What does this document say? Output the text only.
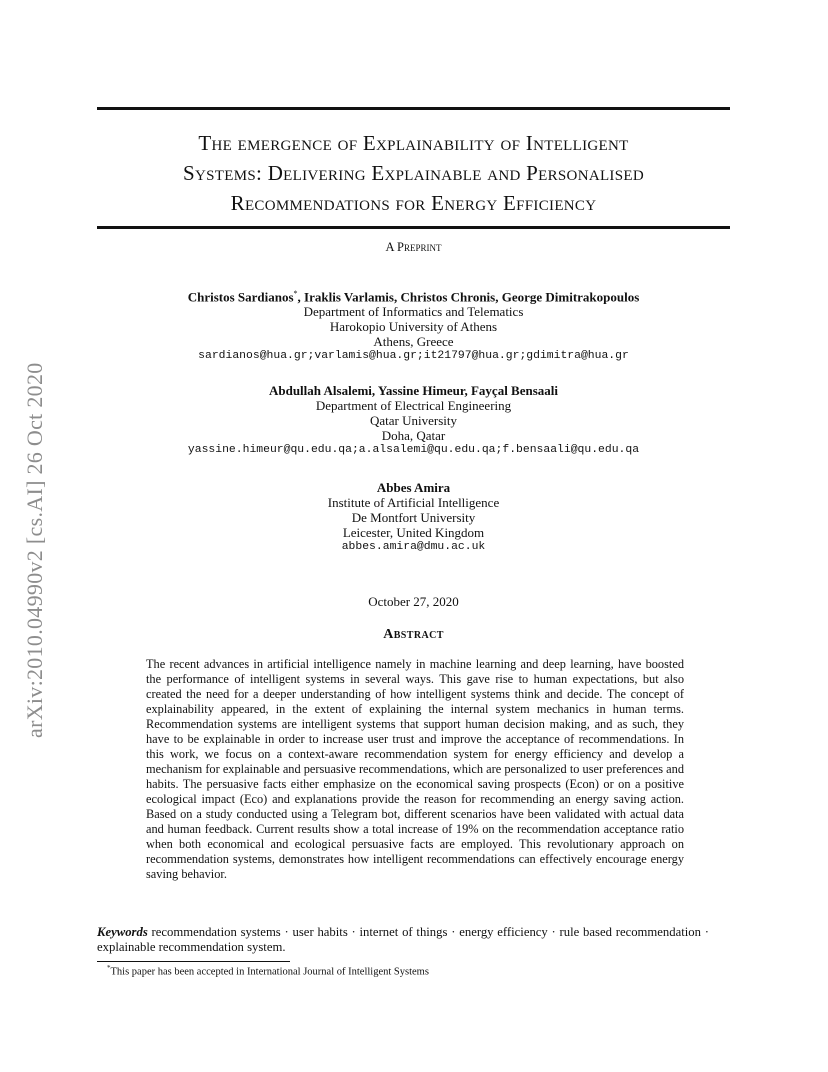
arXiv:2010.04990v2 [cs.AI] 26 Oct 2020
The emergence of Explainability of Intelligent
Systems: Delivering Explainable and Personalised
Recommendations for Energy Efficiency
A Preprint
Christos Sardianos*, Iraklis Varlamis, Christos Chronis, George Dimitrakopoulos
Department of Informatics and Telematics
Harokopio University of Athens
Athens, Greece
sardianos@hua.gr;varlamis@hua.gr;it21797@hua.gr;gdimitra@hua.gr
Abdullah Alsalemi, Yassine Himeur, Fayçal Bensaali
Department of Electrical Engineering
Qatar University
Doha, Qatar
yassine.himeur@qu.edu.qa;a.alsalemi@qu.edu.qa;f.bensaali@qu.edu.qa
Abbes Amira
Institute of Artificial Intelligence
De Montfort University
Leicester, United Kingdom
abbes.amira@dmu.ac.uk
October 27, 2020
Abstract
The recent advances in artificial intelligence namely in machine learning and deep learning, have boosted the performance of intelligent systems in several ways. This gave rise to human expectations, but also created the need for a deeper understanding of how intelligent systems think and decide. The concept of explainability appeared, in the extent of explaining the internal system mechanics in human terms. Recommendation systems are intelligent systems that support human decision making, and as such, they have to be explainable in order to increase user trust and improve the acceptance of recommendations. In this work, we focus on a context-aware recommendation system for energy efficiency and develop a mechanism for explainable and persuasive recommendations, which are personalized to user preferences and habits. The persuasive facts either emphasize on the economical saving prospects (Econ) or on a positive ecological impact (Eco) and explanations provide the reason for recommending an energy saving action. Based on a study conducted using a Telegram bot, different scenarios have been validated with actual data and human feedback. Current results show a total increase of 19% on the recommendation acceptance ratio when both economical and ecological persuasive facts are employed. This revolutionary approach on recommendation systems, demonstrates how intelligent recommendations can effectively encourage energy saving behavior.
Keywords recommendation systems · user habits · internet of things · energy efficiency · rule based recommendation · explainable recommendation system.
*This paper has been accepted in International Journal of Intelligent Systems
